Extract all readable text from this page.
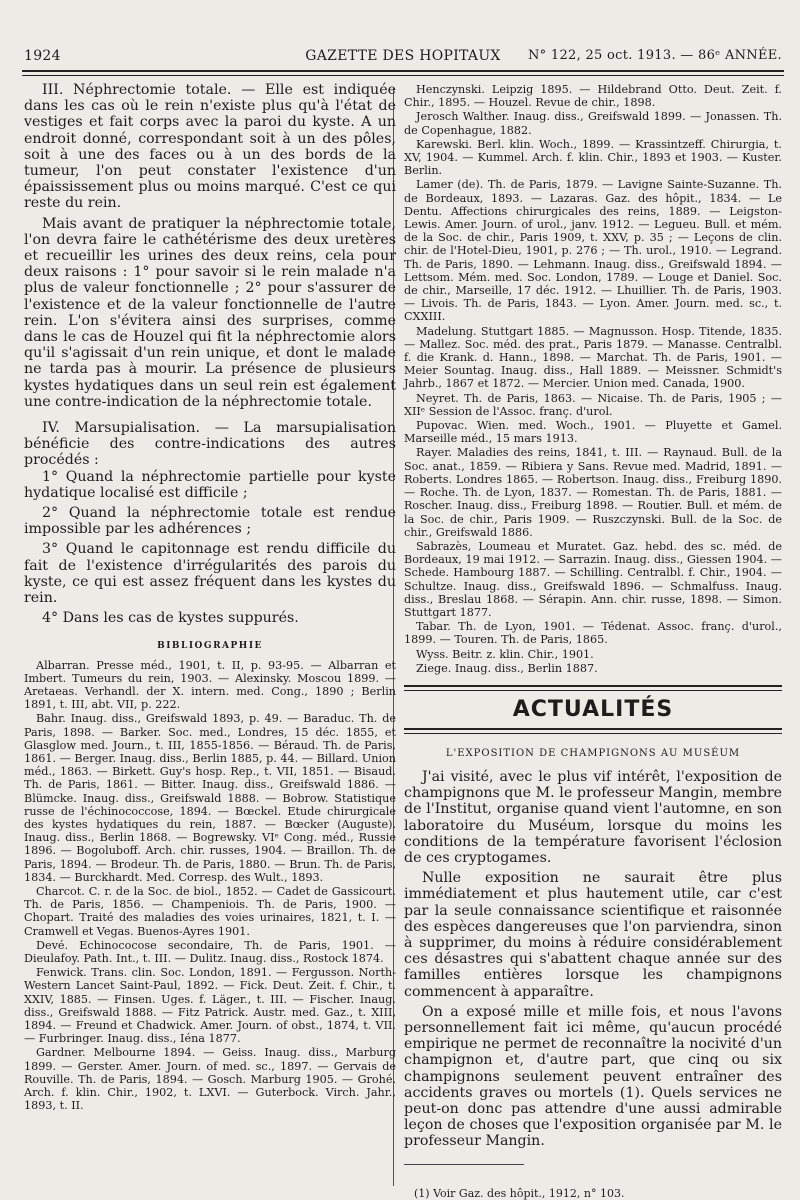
1924	GAZETTE DES HOPITAUX	N° 122, 25 oct. 1913. — 86ᵉ ANNÉE.

III. Néphrectomie totale. — Elle est indiquée dans les cas où le rein n'existe plus qu'à l'état de vestiges et fait corps avec la paroi du kyste. A un endroit donné, correspondant soit à un des pôles, soit à une des faces ou à un des bords de la tumeur, l'on peut constater l'existence d'un épaississement plus ou moins marqué. C'est ce qui reste du rein.

Mais avant de pratiquer la néphrectomie totale, l'on devra faire le cathétérisme des deux uretères et recueillir les urines des deux reins, cela pour deux raisons : 1° pour savoir si le rein malade n'a plus de valeur fonctionnelle ; 2° pour s'assurer de l'existence et de la valeur fonctionnelle de l'autre rein. L'on s'évitera ainsi des surprises, comme dans le cas de Houzel qui fit la néphrectomie alors qu'il s'agissait d'un rein unique, et dont le malade ne tarda pas à mourir. La présence de plusieurs kystes hydatiques dans un seul rein est également une contre-indication de la néphrectomie totale.

IV. Marsupialisation. — La marsupialisation bénéficie des contre-indications des autres procédés :

1° Quand la néphrectomie partielle pour kyste hydatique localisé est difficile ;

2° Quand la néphrectomie totale est rendue impossible par les adhérences ;

3° Quand le capitonnage est rendu difficile du fait de l'existence d'irrégularités des parois du kyste, ce qui est assez fréquent dans les kystes du rein.

4° Dans les cas de kystes suppurés.

BIBLIOGRAPHIE

Albarran. Presse méd., 1901, t. II, p. 93-95. — Albarran et Imbert. Tumeurs du rein, 1903. — Alexinsky. Moscou 1899. — Aretaeas. Verhandl. der X. intern. med. Cong., 1890 ; Berlin 1891, t. III, abt. VII, p. 222.

Bahr. Inaug. diss., Greifswald 1893, p. 49. — Baraduc. Th. de Paris, 1898. — Barker. Soc. med., Londres, 15 déc. 1855, et Glasglow med. Journ., t. III, 1855-1856. — Béraud. Th. de Paris, 1861. — Berger. Inaug. diss., Berlin 1885, p. 44. — Billard. Union méd., 1863. — Birkett. Guy's hosp. Rep., t. VII, 1851. — Bisaud. Th. de Paris, 1861. — Bitter. Inaug. diss., Greifswald 1886. — Blümcke. Inaug. diss., Greifswald 1888. — Bobrow. Statistique russe de l'échinococcose, 1894. — Bœckel. Etude chirurgicale des kystes hydatiques du rein, 1887. — Bœcker (Auguste). Inaug. diss., Berlin 1868. — Bogrewsky. VIᵉ Cong. méd., Russie 1896. — Bogoluboff. Arch. chir. russes, 1904. — Braillon. Th. de Paris, 1894. — Brodeur. Th. de Paris, 1880. — Brun. Th. de Paris, 1834. — Burckhardt. Med. Corresp. des Wult., 1893.

Charcot. C. r. de la Soc. de biol., 1852. — Cadet de Gassicourt. Th. de Paris, 1856. — Champeniois. Th. de Paris, 1900. — Chopart. Traité des maladies des voies urinaires, 1821, t. I. — Cramwell et Vegas. Buenos-Ayres 1901.

Devé. Echinococose secondaire, Th. de Paris, 1901. — Dieulafoy. Path. Int., t. III. — Dulitz. Inaug. diss., Rostock 1874.

Fenwick. Trans. clin. Soc. London, 1891. — Fergusson. North-Western Lancet Saint-Paul, 1892. — Fick. Deut. Zeit. f. Chir., t. XXIV, 1885. — Finsen. Uges. f. Läger., t. III. — Fischer. Inaug. diss., Greifswald 1888. — Fitz Patrick. Austr. med. Gaz., t. XIII, 1894. — Freund et Chadwick. Amer. Journ. of obst., 1874, t. VII. — Furbringer. Inaug. diss., Iéna 1877.

Gardner. Melbourne 1894. — Geiss. Inaug. diss., Marburg 1899. — Gerster. Amer. Journ. of med. sc., 1897. — Gervais de Rouville. Th. de Paris, 1894. — Gosch. Marburg 1905. — Grohé. Arch. f. klin. Chir., 1902, t. LXVI. — Guterbock. Virch. Jahr., 1893, t. II.

Henczynski. Leipzig 1895. — Hildebrand Otto. Deut. Zeit. f. Chir., 1895. — Houzel. Revue de chir., 1898.

Jerosch Walther. Inaug. diss., Greifswald 1899. — Jonassen. Th. de Copenhague, 1882.

Karewski. Berl. klin. Woch., 1899. — Krassintzeff. Chirurgia, t. XV, 1904. — Kummel. Arch. f. klin. Chir., 1893 et 1903. — Kuster. Berlin.

Lamer (de). Th. de Paris, 1879. — Lavigne Sainte-Suzanne. Th. de Bordeaux, 1893. — Lazaras. Gaz. des hôpit., 1834. — Le Dentu. Affections chirurgicales des reins, 1889. — Leigston-Lewis. Amer. Journ. of urol., janv. 1912. — Legueu. Bull. et mém. de la Soc. de chir., Paris 1909, t. XXV, p. 35 ; — Leçons de clin. chir. de l'Hotel-Dieu, 1901, p. 276 ; — Th. urol., 1910. — Legrand. Th. de Paris, 1890. — Lehmann. Inaug. diss., Greifswald 1894. — Lettsom. Mém. med. Soc. London, 1789. — Louge et Daniel. Soc. de chir., Marseille, 17 déc. 1912. — Lhuillier. Th. de Paris, 1903. — Livois. Th. de Paris, 1843. — Lyon. Amer. Journ. med. sc., t. CXXIII.

Madelung. Stuttgart 1885. — Magnusson. Hosp. Titende, 1835. — Mallez. Soc. méd. des prat., Paris 1879. — Manasse. Centralbl. f. die Krank. d. Hann., 1898. — Marchat. Th. de Paris, 1901. — Meier Sountag. Inaug. diss., Hall 1889. — Meissner. Schmidt's Jahrb., 1867 et 1872. — Mercier. Union med. Canada, 1900.

Neyret. Th. de Paris, 1863. — Nicaise. Th. de Paris, 1905 ; — XIIᵉ Session de l'Assoc. franç. d'urol.

Pupovac. Wien. med. Woch., 1901. — Pluyette et Gamel. Marseille méd., 15 mars 1913.

Rayer. Maladies des reins, 1841, t. III. — Raynaud. Bull. de la Soc. anat., 1859. — Ribiera y Sans. Revue med. Madrid, 1891. — Roberts. Londres 1865. — Robertson. Inaug. diss., Freiburg 1890. — Roche. Th. de Lyon, 1837. — Romestan. Th. de Paris, 1881. — Roscher. Inaug. diss., Freiburg 1898. — Routier. Bull. et mém. de la Soc. de chir., Paris 1909. — Ruszczynski. Bull. de la Soc. de chir., Greifswald 1886.

Sabrazès, Loumeau et Muratet. Gaz. hebd. des sc. méd. de Bordeaux, 19 mai 1912. — Sarrazin. Inaug. diss., Giessen 1904. — Schede. Hambourg 1887. — Schilling. Centralbl. f. Chir., 1904. — Schultze. Inaug. diss., Greifswald 1896. — Schmalfuss. Inaug. diss., Breslau 1868. — Sérapin. Ann. chir. russe, 1898. — Simon. Stuttgart 1877.

Tabar. Th. de Lyon, 1901. — Tédenat. Assoc. franç. d'urol., 1899. — Touren. Th. de Paris, 1865.

Wyss. Beitr. z. klin. Chir., 1901.

Ziege. Inaug. diss., Berlin 1887.

ACTUALITÉS
L'EXPOSITION DE CHAMPIGNONS AU MUSÉUM

J'ai visité, avec le plus vif intérêt, l'exposition de champignons que M. le professeur Mangin, membre de l'Institut, organise quand vient l'automne, en son laboratoire du Muséum, lorsque du moins les conditions de la température favorisent l'éclosion de ces cryptogames.

Nulle exposition ne saurait être plus immédiatement et plus hautement utile, car c'est par la seule connaissance scientifique et raisonnée des espèces dangereuses que l'on parviendra, sinon à supprimer, du moins à réduire considérablement ces désastres qui s'abattent chaque année sur des familles entières lorsque les champignons commencent à apparaître.

On a exposé mille et mille fois, et nous l'avons personnellement fait ici même, qu'aucun procédé empirique ne permet de reconnaître la nocivité d'un champignon et, d'autre part, que cinq ou six champignons seulement peuvent entraîner des accidents graves ou mortels (1). Quels services ne peut-on donc pas attendre d'une aussi admirable leçon de choses que l'exposition organisée par M. le professeur Mangin.

(1) Voir Gaz. des hôpit., 1912, n° 103.
